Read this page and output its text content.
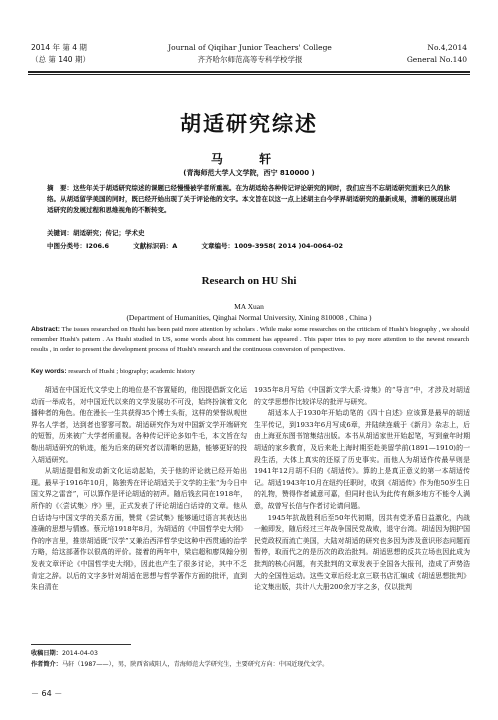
2014 年 第 4 期
（总 第 140 期）
Journal of Qiqihar Junior Teachers' College
齐齐哈尔师范高等专科学校学报
No.4,2014
General No.140
胡适研究综述
马 轩
(青海师范大学人文学院，西宁 810000 )
摘　要：这些年关于胡适研究综述的课题已经慢慢被学者所重视。在为胡适给各种传记评论研究的同时，我们应当不忘胡适研究面来已久的脉络。从胡适留学美国的同时，既已经开始出现了关于评论他的文字。本文旨在以这一点上述胡主白今学界胡适研究的最新成果，清晰的展现出胡适研究的发展过程和思维视角的不断转变。
关键词：胡适研究；传记；学术史
中图分类号：I206.6	文献标识码：A	文章编号：1009-3958( 2014 )04-0064-02
Research on HU Shi
MA Xuan
(Department of Humanities, Qinghai Normal University, Xining 810008 , China )
Abstract: The issues researched on Hushi has been paid more attention by scholars . While make some researches on the criticism of Hushi's biography , we should remember Hushi's pattern . As Hushi studied in US, some words about his comment has appeared . This paper tries to pay more attention to the newest research results , in order to present the development process of Hushi's research and the continuous conversion of perspectives.
Key words: research of Hushi ; biography; academic history

胡适在中国近代文学史上的地位是不容置疑的，他因提倡新文化运动而一举成名，对中国近代以来的文学发展功不可没，始终扮演着文化播种者的角色。他在漫长一生共获得35个博士头衔，这样的荣誉纵观世界名人学者，达到者也寥寥可数。胡适研究作为对中国新文学开端研究的短暂，历来被广大学者所重视。各种传记评论多如牛毛，本文旨在勾勒出胡适研究的轨迹，能为后来的研究者以清晰的思路，能够更好的投入胡适研究。

从胡适提倡和发动新文化运动起始，关于他的评论就已经开始出现。最早于1916年10月，陈独秀在评论胡适关于文学的主张“为今日中国文界之雷音”，可以算作是评论胡适的初声。随后钱玄同在1918年，所作的《〈尝试集〉序》里，正式发表了评论胡适白话诗的文章。他从白话诗与中国文学的关系方面，赞赏《尝试集》能够通过语言其表达出准确的思想与情感。蔡元培1918年8月，为胡适的《中国哲学史大纲》作的序言里，推崇胡适既“汉学”又兼治西洋哲学史这种中西贯通的治学方略，给这部著作以很高的评价。接着的两年中，梁启超和廖凤翰分别发表文章评论《中国哲学史大纲》，因此也产生了很多讨论，其中不乏肯定之辞。以后的文字多针对胡适在思想与哲学著作方面的批评，直到朱自清在

1935年8月写给《中国新文学大系·诗集》的“导言”中，才涉及对胡适的文学思想作比较详尽的批评与研究。

胡适本人于1930年开始动笔的《四十自述》应该算是最早的胡适生平传记，到1933年6月写成6章，并陆续连载于《新月》杂志上，后由上海亚东图书馆集结出版。本书从胡适家世开始起笔，写到童年时期胡适的家乡教育，及后来赴上海时期至赴美留学前(1891—1910)的一段生活，大体上真实的还原了历史事实。而他人为胡适作传最早则是1941年12月胡不归的《胡适传》。算的上是真正意义的第一本胡适传记。胡适1943年10月在纽约任职时，收到《胡适传》作为他50岁生日的礼物，赞得作者诚意可嘉，但同时也认为此传有颇多地方不能令人满意，故曾写长信与作者讨论请问题。

1945年抗战胜利后至50年代初期，因共有党矛盾日益激化，内战一触即发，随后经过三年战争国民党战败，退守台湾。胡适因为拥护国民党政权而流亡美国，大陆对胡适的研究也多因为涉及意识形态问题而暂停，取而代之的是历次的政治批判。胡适思想的反共立场也因此成为批判的核心问题，有关批判的文章发表于全国各大报刊，造成了声势浩大的全国性运动。这些文章后经北京三联书店汇编成《胡适思想批判》论文集出版，共计八大册200余万字之多，仅以批判

收稿日期：2014-04-03
作者简介：马轩（1987——），男，陕西省咸阳人，青海师范大学研究生，主要研究方向：中国近现代文学。
－ 64 －
